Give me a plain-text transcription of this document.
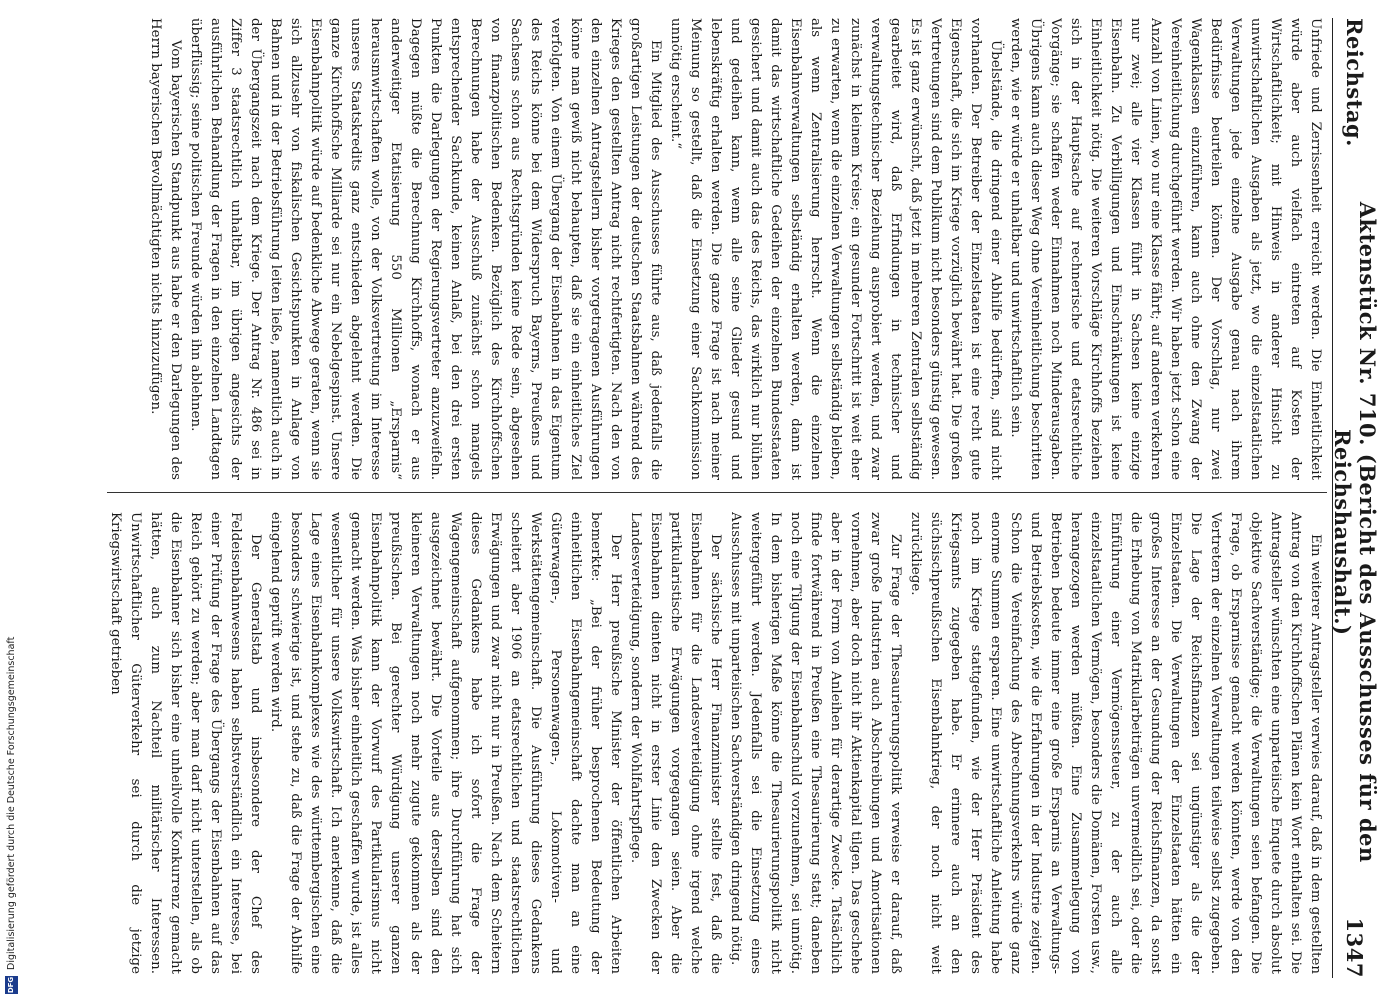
Reichstag.
Aktenstück Nr. 710. (Bericht des Ausschusses für den Reichshaushalt.)
1347

Unfriede und Zerrissenheit erreicht werden. Die Einheitlichkeit würde aber auch vielfach eintreten auf Kosten der Wirtschaftlichkeit; mit Hinweis in anderer Hinsicht zu unwirtschaftlichen Ausgaben als jetzt, wo die einzelstaatlichen Verwaltungen jede einzelne Ausgabe genau nach ihrem Bedürfnisse beurteilen können. Der Vorschlag, nur zwei Wagenklassen einzuführen, kann auch ohne den Zwang der Vereinheitlichung durchgeführt werden. Wir haben jetzt schon eine Anzahl von Linien, wo nur eine Klasse fährt; auf anderen verkehren nur zwei; alle vier Klassen führt in Sachsen keine einzige Eisenbahn. Zu Verbilligungen und Einschränkungen ist keine Einheitlichkeit nötig. Die weiteren Vorschläge Kirchhoffs beziehen sich in der Hauptsache auf rechnerische und etatsrechtliche Vorgänge; sie schaffen weder Einnahmen noch Minderausgaben. Übrigens kann auch dieser Weg ohne Vereinheitlichung beschritten werden, wie er würde er unhaltbar und unwirtschaftlich sein.

Übelstände, die dringend einer Abhilfe bedürften, sind nicht vorhanden. Der Betreiber der Einzelstaaten ist eine recht gute Eigenschaft, die sich im Kriege vorzüglich bewährt hat. Die großen Vertretungen sind dem Publikum nicht besonders günstig gewesen. Es ist ganz erwünscht, daß jetzt in mehreren Zentralen selbständig gearbeitet wird, daß Erfindungen in technischer und verwaltungstechnischer Beziehung ausprobiert werden, und zwar zunächst in kleinem Kreise; ein gesunder Fortschritt ist weit eher zu erwarten, wenn die einzelnen Verwaltungen selbständig bleiben, als wenn Zentralisierung herrscht. Wenn die einzelnen Eisenbahnverwaltungen selbständig erhalten werden, dann ist damit das wirtschaftliche Gedeihen der einzelnen Bundesstaaten gesichert und damit auch das des Reichs, das wirklich nur blühen und gedeihen kann, wenn alle seine Glieder gesund und lebenskräftig erhalten werden. Die ganze Frage ist nach meiner Meinung so gestellt, daß die Einsetzung einer Sachkommission unnötig erscheint.“

Ein Mitglied des Ausschusses führte aus, daß jedenfalls die großartigen Leistungen der deutschen Staatsbahnen während des Krieges den gestellten Antrag nicht rechtfertigten. Nach den von den einzelnen Antragstellern bisher vorgetragenen Ausführungen könne man gewiß nicht behaupten, daß sie ein einheitliches Ziel verfolgten. Von einem Übergang der Eisenbahnen in das Eigentum des Reichs könne bei dem Widerspruch Bayerns, Preußens und Sachsens schon aus Rechtsgründen keine Rede sein, abgesehen von finanzpolitischen Bedenken. Bezüglich des Kirchhoffschen Berechnungen habe der Ausschuß zunächst schon mangels entsprechender Sachkunde, keinen Anlaß, bei den drei ersten Punkten die Darlegungen der Regierungsvertreter anzuzweifeln. Dagegen müßte die Berechnung Kirchhoffs, wonach er aus anderweitiger Etatisierung 550 Millionen „Ersparnis“ herausmwirtschaften wolle, von der Volksvertretung im Interesse unseres Staatskredits ganz entschieden abgelehnt werden. Die ganze Kirchhoffsche Milliarde sei nur ein Nebelgespinst. Unsere Eisenbahnpolitik würde auf bedenkliche Abwege geraten, wenn sie sich allzusehr von fiskalischen Gesichtspunkten in Anlage von Bahnen und in der Betriebsführung leiten ließe, namentlich auch in der Übergangszeit nach dem Kriege. Der Antrag Nr. 486 sei in Ziffer 3 staatsrechtlich unhaltbar, im übrigen angesichts der ausführlichen Behandlung der Fragen in den einzelnen Landtagen überflüssig; seine politischen Freunde würden ihn ablehnen.

Vom bayerischen Standpunkt aus habe er den Darlegungen des Herrn bayerischen Bevollmächtigten nichts hinzuzufügen.

Ein weiterer Antragsteller verwies darauf, daß in dem gestellten Antrag von den Kirchhoffschen Plänen kein Wort enthalten sei. Die Antragsteller wünschten eine unparteiische Enquete durch absolut objektive Sachverständige; die Verwaltungen seien befangen. Die Frage, ob Ersparnisse gemacht werden könnten, werde von den Vertretern der einzelnen Verwaltungen teilweise selbst zugegeben. Die Lage der Reichsfinanzen sei ungünstiger als die der Einzelstaaten. Die Verwaltungen der Einzelstaaten hätten ein großes Interesse an der Gesundung der Reichsfinanzen, da sonst die Erhebung von Matrikularbeiträgen unvermeidlich sei, oder die Einführung einer Vermögenssteuer, zu der auch alle einzelstaatlichen Vermögen, besonders die Domänen, Forsten usw., herangezogen werden müßten. Eine Zusammenlegung von Betrieben bedeute immer eine große Ersparnis an Verwaltungs- und Betriebskosten, wie die Erfahrungen in der Industrie zeigten. Schon die Vereinfachung des Abrechnungsverkehrs würde ganz enorme Summen ersparen. Eine unwirtschaftliche Anleitung habe noch im Kriege stattgefunden, wie der Herr Präsident des Kriegsamts zugegeben habe. Er erinnere auch an den süchsischpreußischen Eisenbahnkrieg, der noch nicht weit zurückliege.

Zur Frage der Thesaurierungspolitik verweise er darauf, daß zwar große Industrien auch Abschreibungen und Amortisationen vornehmen, aber doch nicht ihr Aktienkapital tilgen. Das geschehe aber in der Form von Anleihen für derartige Zwecke. Tatsächlich finde fortwährend in Preußen eine Thesaurierung statt; daneben noch eine Tilgung der Eisenbahnschuld vorzunehmen, sei unnötig. In dem bisherigen Maße könne die Thesaurierungspolitik nicht weitergeführt werden. Jedenfalls sei die Einsetzung eines Ausschusses mit unparteiischen Sachverständigen dringend nötig.

Der sächsische Herr Finanzminister stellte fest, daß die Eisenbahnen für die Landesverteidigung ohne irgend welche partikularistische Erwägungen vorgegangen seien. Aber die Eisenbahnen dienten nicht in erster Linie den Zwecken der Landesverteidigung, sondern der Wohlfahrtspflege.

Der Herr preußische Minister der öffentlichen Arbeiten bemerkte: „Bei der früher besprochenen Bedeutung der einheitlichen Eisenbahngemeinschaft dachte man an eine Güterwagen-, Personenwagen-, Lokomotiven- und Werkstättengemeinschaft. Die Ausführung dieses Gedankens scheitert aber 1906 an etatsrechtlichen und staatsrechtlichen Erwägungen und zwar nicht nur in Preußen. Nach dem Scheitern dieses Gedankens habe ich sofort die Frage der Wagengemeinschaft aufgenommen; ihre Durchführung hat sich ausgezeichnet bewährt. Die Vorteile aus derselben sind den kleineren Verwaltungen noch mehr zugute gekommen als der preußischen. Bei gerechter Würdigung unserer ganzen Eisenbahnpolitik kann der Vorwurf des Partikularismus nicht gemacht werden. Was bisher einheitlich geschaffen wurde, ist alles wesentlicher für unsere Volkswirtschaft. Ich anerkenne, daß die Lage eines Eisenbahnkomplexes wie des württembergischen eine besonders schwierige ist, und stehe zu, daß die Frage der Abhilfe eingehend geprüft werden wird.

Der Generalstab und insbesondere der Chef des Feldeisenbahnwesens haben selbstverständlich ein Interesse, bei einer Prüfung der Frage des Übergangs der Eisenbahnen auf das Reich gehört zu werden; aber man darf nicht unterstellen, als ob die Eisenbahner sich bisher eine unheilvolle Konkurrenz gemacht hätten, auch zum Nachteil militärischer Interessen. Unwirtschaftlicher Güterverkehr sei durch die jetzige Kriegswirtschaft getrieben

DFG
Digitalisierung gefördert durch die Deutsche Forschungsgemeinschaft
